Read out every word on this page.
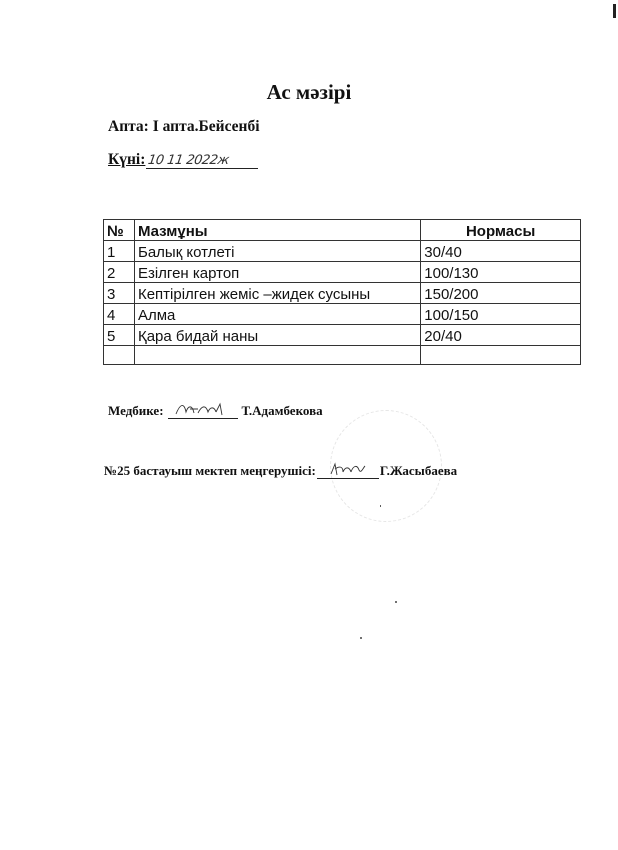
Ас мәзірі
Апта: І апта.Бейсенбі
Күні: 10 11 2022ж
№	Мазмұны	Нормасы
1	Балық котлеті	30/40
2	Езілген картоп	100/130
3	Кептірілген жеміс –жидек сусыны	150/200
4	Алма	100/150
5	Қара бидай наны	20/40

Медбике:	Т.Адамбекова
№25 бастауыш мектеп меңгерушісі:	Г.Жасыбаева
